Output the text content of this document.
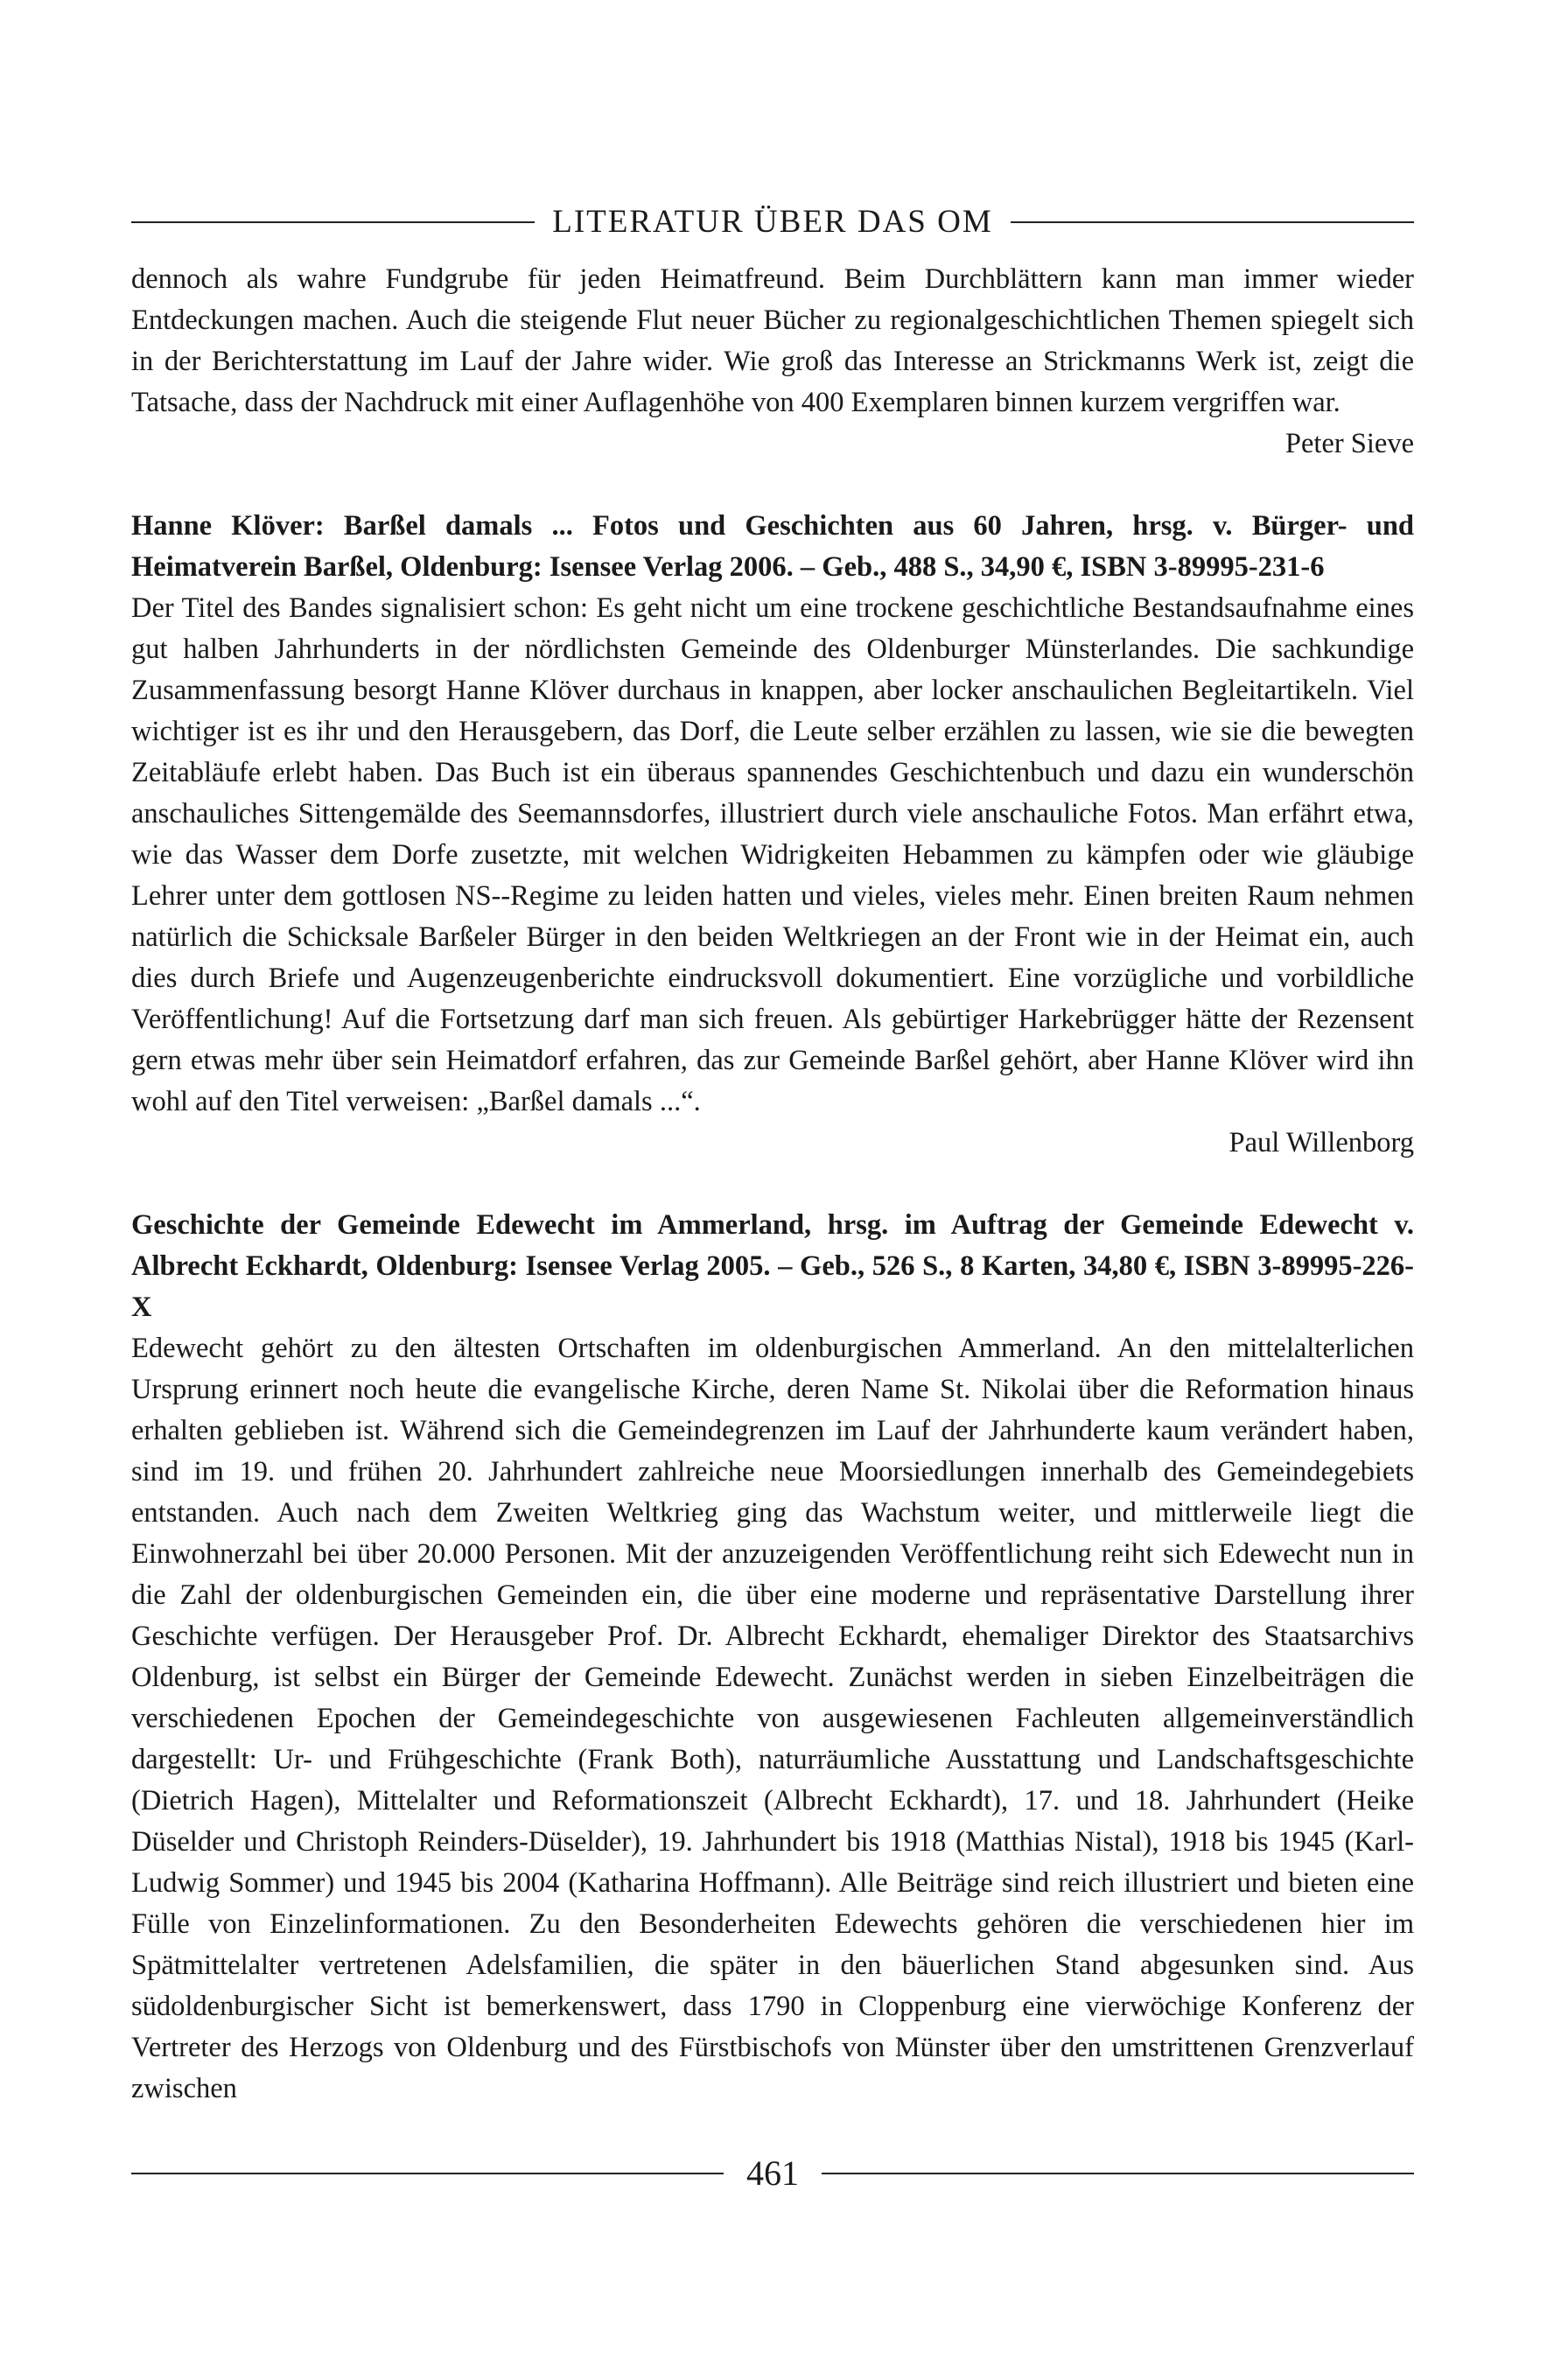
LITERATUR ÜBER DAS OM

dennoch als wahre Fundgrube für jeden Heimatfreund. Beim Durchblättern kann man immer wieder Entdeckungen machen. Auch die steigende Flut neuer Bücher zu regionalgeschichtlichen Themen spiegelt sich in der Berichterstattung im Lauf der Jahre wider. Wie groß das Interesse an Strickmanns Werk ist, zeigt die Tatsache, dass der Nachdruck mit einer Auflagenhöhe von 400 Exemplaren binnen kurzem vergriffen war.

Peter Sieve

Hanne Klöver: Barßel damals ... Fotos und Geschichten aus 60 Jahren, hrsg. v. Bürger- und Heimatverein Barßel, Oldenburg: Isensee Verlag 2006. – Geb., 488 S., 34,90 €, ISBN 3-89995-231-6

Der Titel des Bandes signalisiert schon: Es geht nicht um eine trockene geschichtliche Bestandsaufnahme eines gut halben Jahrhunderts in der nördlichsten Gemeinde des Oldenburger Münsterlandes. Die sachkundige Zusammenfassung besorgt Hanne Klöver durchaus in knappen, aber locker anschaulichen Begleitartikeln. Viel wichtiger ist es ihr und den Herausgebern, das Dorf, die Leute selber erzählen zu lassen, wie sie die bewegten Zeitabläufe erlebt haben. Das Buch ist ein überaus spannendes Geschichtenbuch und dazu ein wunderschön anschauliches Sittengemälde des Seemannsdorfes, illustriert durch viele anschauliche Fotos. Man erfährt etwa, wie das Wasser dem Dorfe zusetzte, mit welchen Widrigkeiten Hebammen zu kämpfen oder wie gläubige Lehrer unter dem gottlosen NS--Regime zu leiden hatten und vieles, vieles mehr. Einen breiten Raum nehmen natürlich die Schicksale Barßeler Bürger in den beiden Weltkriegen an der Front wie in der Heimat ein, auch dies durch Briefe und Augenzeugenberichte eindrucksvoll dokumentiert. Eine vorzügliche und vorbildliche Veröffentlichung! Auf die Fortsetzung darf man sich freuen. Als gebürtiger Harkebrügger hätte der Rezensent gern etwas mehr über sein Heimatdorf erfahren, das zur Gemeinde Barßel gehört, aber Hanne Klöver wird ihn wohl auf den Titel verweisen: „Barßel damals ...“.

Paul Willenborg

Geschichte der Gemeinde Edewecht im Ammerland, hrsg. im Auftrag der Gemeinde Edewecht v. Albrecht Eckhardt, Oldenburg: Isensee Verlag 2005. – Geb., 526 S., 8 Karten, 34,80 €, ISBN 3-89995-226-X

Edewecht gehört zu den ältesten Ortschaften im oldenburgischen Ammerland. An den mittelalterlichen Ursprung erinnert noch heute die evangelische Kirche, deren Name St. Nikolai über die Reformation hinaus erhalten geblieben ist. Während sich die Gemeindegrenzen im Lauf der Jahrhunderte kaum verändert haben, sind im 19. und frühen 20. Jahrhundert zahlreiche neue Moorsiedlungen innerhalb des Gemeindegebiets entstanden. Auch nach dem Zweiten Weltkrieg ging das Wachstum weiter, und mittlerweile liegt die Einwohnerzahl bei über 20.000 Personen. Mit der anzuzeigenden Veröffentlichung reiht sich Edewecht nun in die Zahl der oldenburgischen Gemeinden ein, die über eine moderne und repräsentative Darstellung ihrer Geschichte verfügen. Der Herausgeber Prof. Dr. Albrecht Eckhardt, ehemaliger Direktor des Staatsarchivs Oldenburg, ist selbst ein Bürger der Gemeinde Edewecht. Zunächst werden in sieben Einzelbeiträgen die verschiedenen Epochen der Gemeindegeschichte von ausgewiesenen Fachleuten allgemeinverständlich dargestellt: Ur- und Frühgeschichte (Frank Both), naturräumliche Ausstattung und Landschaftsgeschichte (Dietrich Hagen), Mittelalter und Reformationszeit (Albrecht Eckhardt), 17. und 18. Jahrhundert (Heike Düselder und Christoph Reinders-Düselder), 19. Jahrhundert bis 1918 (Matthias Nistal), 1918 bis 1945 (Karl-Ludwig Sommer) und 1945 bis 2004 (Katharina Hoffmann). Alle Beiträge sind reich illustriert und bieten eine Fülle von Einzelinformationen. Zu den Besonderheiten Edewechts gehören die verschiedenen hier im Spätmittelalter vertretenen Adelsfamilien, die später in den bäuerlichen Stand abgesunken sind. Aus südoldenburgischer Sicht ist bemerkenswert, dass 1790 in Cloppenburg eine vierwöchige Konferenz der Vertreter des Herzogs von Oldenburg und des Fürstbischofs von Münster über den umstrittenen Grenzverlauf zwischen

461
